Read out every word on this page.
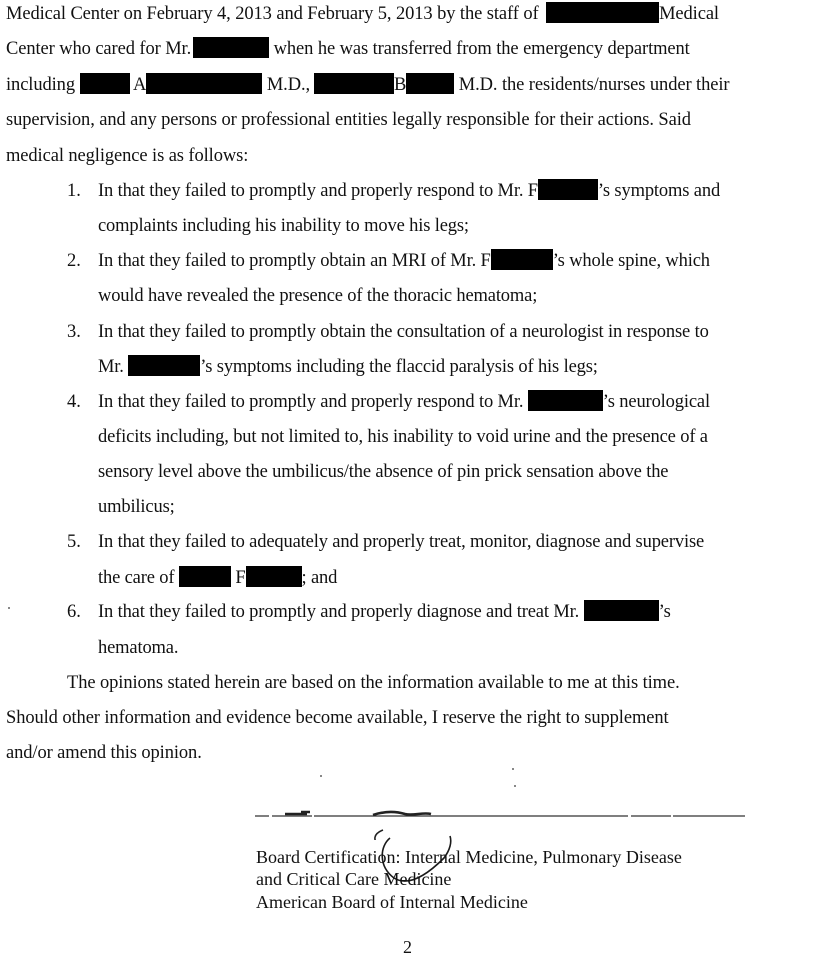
Medical Center on February 4, 2013 and February 5, 2013 by the staff of	Medical
Center who cared for Mr.	when he was transferred from the emergency department
including	A	M.D.,	B	M.D. the residents/nurses under their
supervision, and any persons or professional entities legally responsible for their actions. Said
medical negligence is as follows:
1. In that they failed to promptly and properly respond to Mr. F	’s symptoms and
complaints including his inability to move his legs;
2. In that they failed to promptly obtain an MRI of Mr. F	’s whole spine, which
would have revealed the presence of the thoracic hematoma;
3. In that they failed to promptly obtain the consultation of a neurologist in response to
Mr.	’s symptoms including the flaccid paralysis of his legs;
4. In that they failed to promptly and properly respond to Mr.	’s neurological
deficits including, but not limited to, his inability to void urine and the presence of a
sensory level above the umbilicus/the absence of pin prick sensation above the
umbilicus;
5. In that they failed to adequately and properly treat, monitor, diagnose and supervise
the care of	F	; and
6. In that they failed to promptly and properly diagnose and treat Mr.	’s
hematoma.
The opinions stated herein are based on the information available to me at this time.
Should other information and evidence become available, I reserve the right to supplement
and/or amend this opinion.
Board Certification: Internal Medicine, Pulmonary Disease
and Critical Care Medicine
American Board of Internal Medicine
2
